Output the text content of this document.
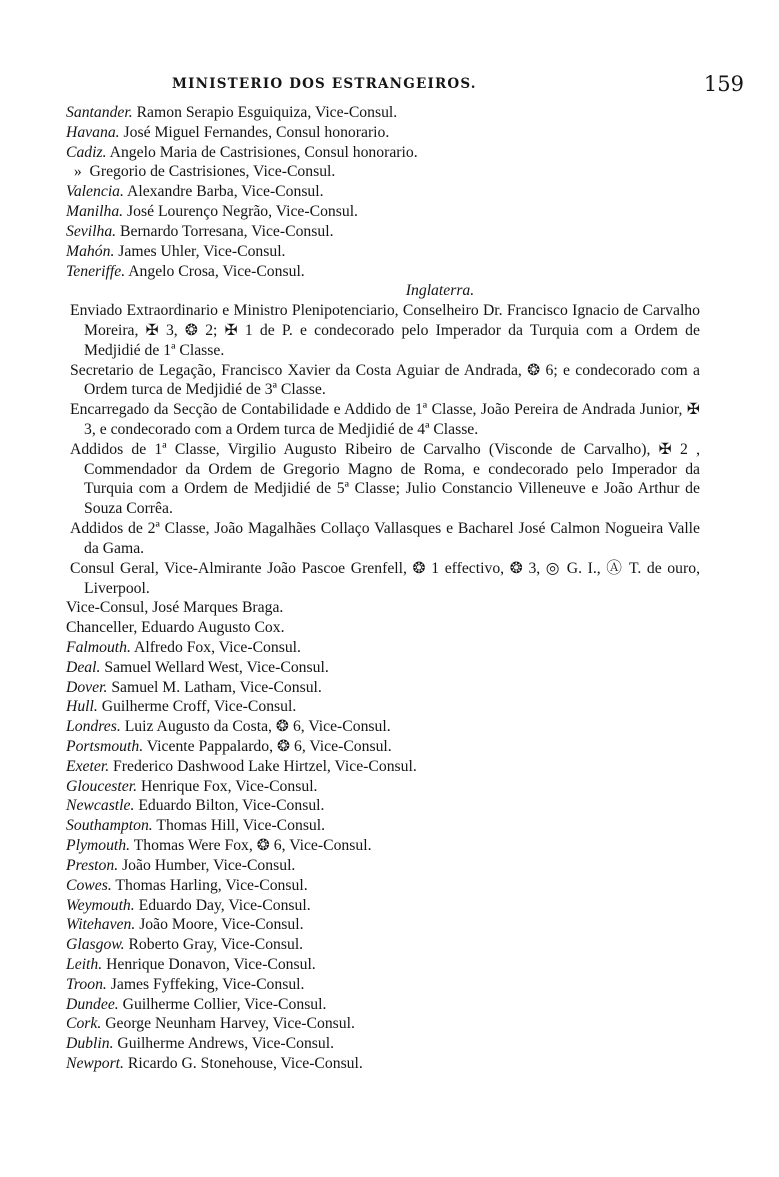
MINISTERIO DOS ESTRANGEIROS.	159
Santander. Ramon Serapio Esguiquiza, Vice-Consul.
Havana. José Miguel Fernandes, Consul honorario.
Cadiz. Angelo Maria de Castrisiones, Consul honorario.
» Gregorio de Castrisiones, Vice-Consul.
Valencia. Alexandre Barba, Vice-Consul.
Manilha. José Lourenço Negrão, Vice-Consul.
Sevilha. Bernardo Torresana, Vice-Consul.
Mahón. James Uhler, Vice-Consul.
Teneriffe. Angelo Crosa, Vice-Consul.
Inglaterra.
Enviado Extraordinario e Ministro Plenipotenciario, Conselheiro Dr. Francisco Ignacio de Carvalho Moreira, ✠ 3, ❂ 2; ✠ 1 de P. e condecorado pelo Imperador da Turquia com a Ordem de Medjidié de 1ª Classe.
Secretario de Legação, Francisco Xavier da Costa Aguiar de Andrada, ❂ 6; e condecorado com a Ordem turca de Medjidié de 3ª Classe.
Encarregado da Secção de Contabilidade e Addido de 1ª Classe, João Pereira de Andrada Junior, ✠ 3, e condecorado com a Ordem turca de Medjidié de 4ª Classe.
Addidos de 1ª Classe, Virgilio Augusto Ribeiro de Carvalho (Visconde de Carvalho), ✠ 2 , Commendador da Ordem de Gregorio Magno de Roma, e condecorado pelo Imperador da Turquia com a Ordem de Medjidié de 5ª Classe; Julio Constancio Villeneuve e João Arthur de Souza Corrêa.
Addidos de 2ª Classe, João Magalhães Collaço Vallasques e Bacharel José Calmon Nogueira Valle da Gama.
Consul Geral, Vice-Almirante João Pascoe Grenfell, ❂ 1 effectivo, ❂ 3, ◎ G. I., Ⓐ T. de ouro, Liverpool.
Vice-Consul, José Marques Braga.
Chanceller, Eduardo Augusto Cox.
Falmouth. Alfredo Fox, Vice-Consul.
Deal. Samuel Wellard West, Vice-Consul.
Dover. Samuel M. Latham, Vice-Consul.
Hull. Guilherme Croff, Vice-Consul.
Londres. Luiz Augusto da Costa, ❂ 6, Vice-Consul.
Portsmouth. Vicente Pappalardo, ❂ 6, Vice-Consul.
Exeter. Frederico Dashwood Lake Hirtzel, Vice-Consul.
Gloucester. Henrique Fox, Vice-Consul.
Newcastle. Eduardo Bilton, Vice-Consul.
Southampton. Thomas Hill, Vice-Consul.
Plymouth. Thomas Were Fox, ❂ 6, Vice-Consul.
Preston. João Humber, Vice-Consul.
Cowes. Thomas Harling, Vice-Consul.
Weymouth. Eduardo Day, Vice-Consul.
Witehaven. João Moore, Vice-Consul.
Glasgow. Roberto Gray, Vice-Consul.
Leith. Henrique Donavon, Vice-Consul.
Troon. James Fyffeking, Vice-Consul.
Dundee. Guilherme Collier, Vice-Consul.
Cork. George Neunham Harvey, Vice-Consul.
Dublin. Guilherme Andrews, Vice-Consul.
Newport. Ricardo G. Stonehouse, Vice-Consul.
